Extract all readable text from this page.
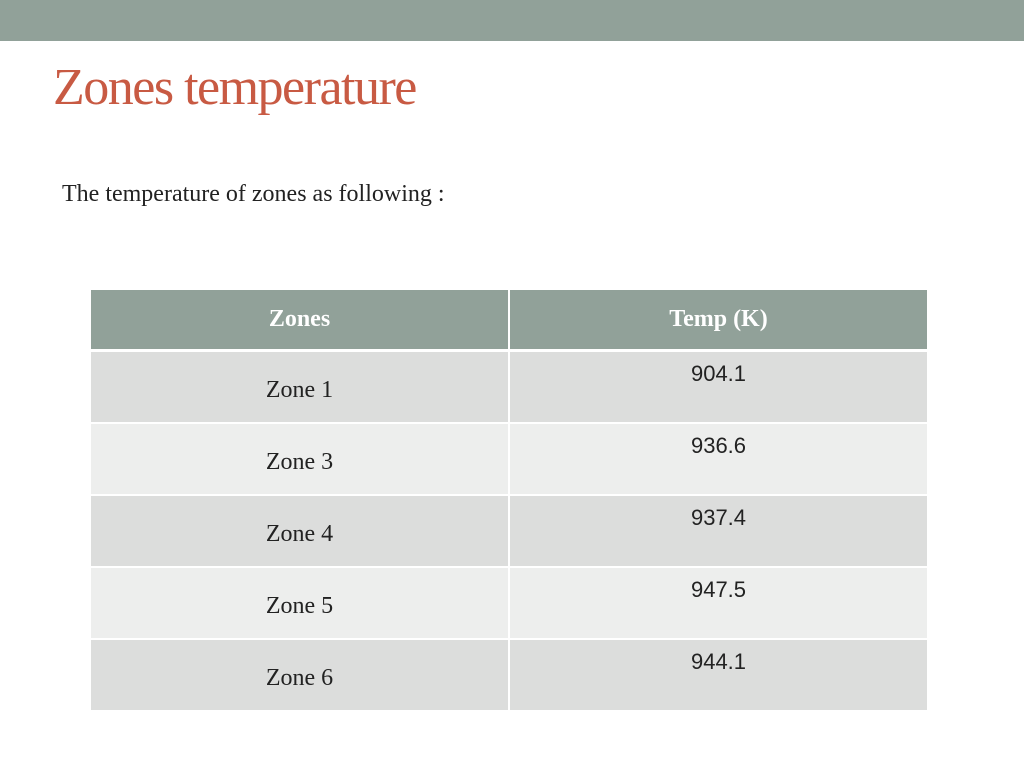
Zones temperature

The temperature of zones as following :

Zones	Temp (K)
Zone 1	904.1
Zone 3	936.6
Zone 4	937.4
Zone 5	947.5
Zone 6	944.1
